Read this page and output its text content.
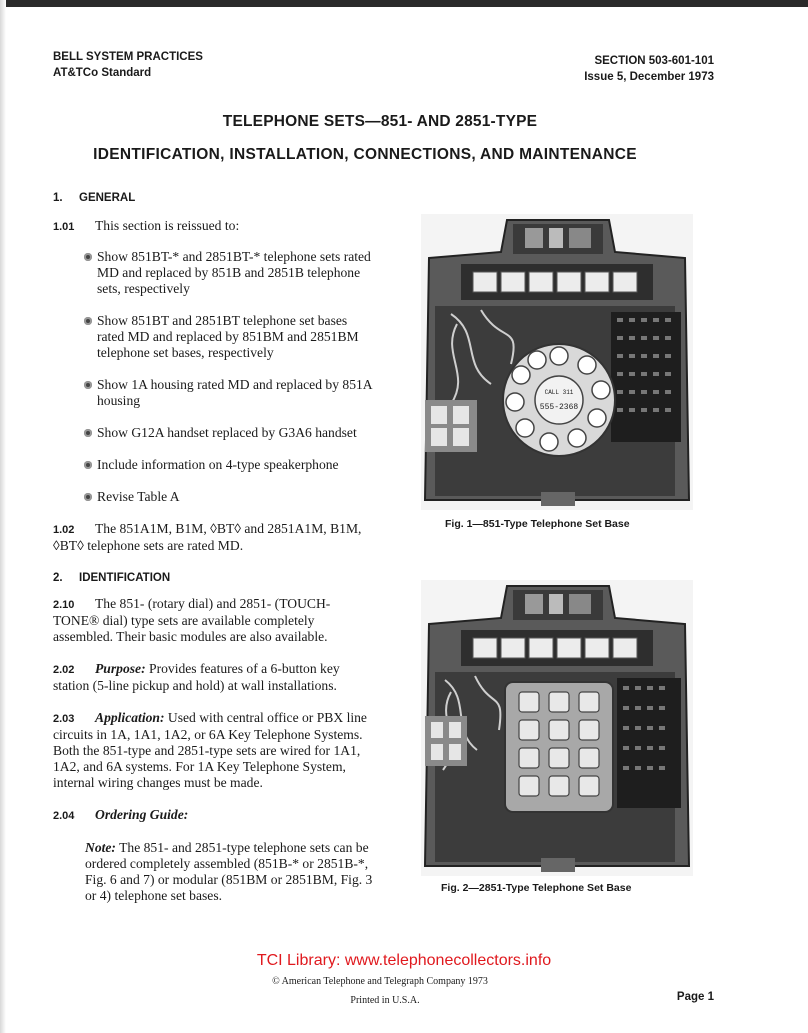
BELL SYSTEM PRACTICES
AT&TCo Standard
SECTION 503-601-101
Issue 5, December 1973
TELEPHONE SETS—851- AND 2851-TYPE
IDENTIFICATION, INSTALLATION, CONNECTIONS, AND MAINTENANCE
1. GENERAL

1.01 This section is reissued to:

Show 851BT-* and 2851BT-* telephone sets rated MD and replaced by 851B and 2851B telephone sets, respectively

Show 851BT and 2851BT telephone set bases rated MD and replaced by 851BM and 2851BM telephone set bases, respectively

Show 1A housing rated MD and replaced by 851A housing

Show G12A handset replaced by G3A6 handset

Include information on 4-type speakerphone

Revise Table A

1.02 The 851A1M, B1M, ◊BT◊ and 2851A1M, B1M, ◊BT◊ telephone sets are rated MD.

2. IDENTIFICATION

2.10 The 851- (rotary dial) and 2851- (TOUCH-TONE® dial) type sets are available completely assembled. Their basic modules are also available.

2.02 Purpose: Provides features of a 6-button key station (5-line pickup and hold) at wall installations.

2.03 Application: Used with central office or PBX line circuits in 1A, 1A1, 1A2, or 6A Key Telephone Systems. Both the 851-type and 2851-type sets are wired for 1A1, 1A2, and 6A systems. For 1A Key Telephone System, internal wiring changes must be made.

2.04 Ordering Guide:

Note: The 851- and 2851-type telephone sets can be ordered completely assembled (851B-* or 2851B-*, Fig. 6 and 7) or modular (851BM or 2851BM, Fig. 3 or 4) telephone set bases.

CALL 311
555-2368
Fig. 1—851-Type Telephone Set Base
Fig. 2—2851-Type Telephone Set Base
TCI Library: www.telephonecollectors.info
© American Telephone and Telegraph Company 1973
Printed in U.S.A.	Page 1
